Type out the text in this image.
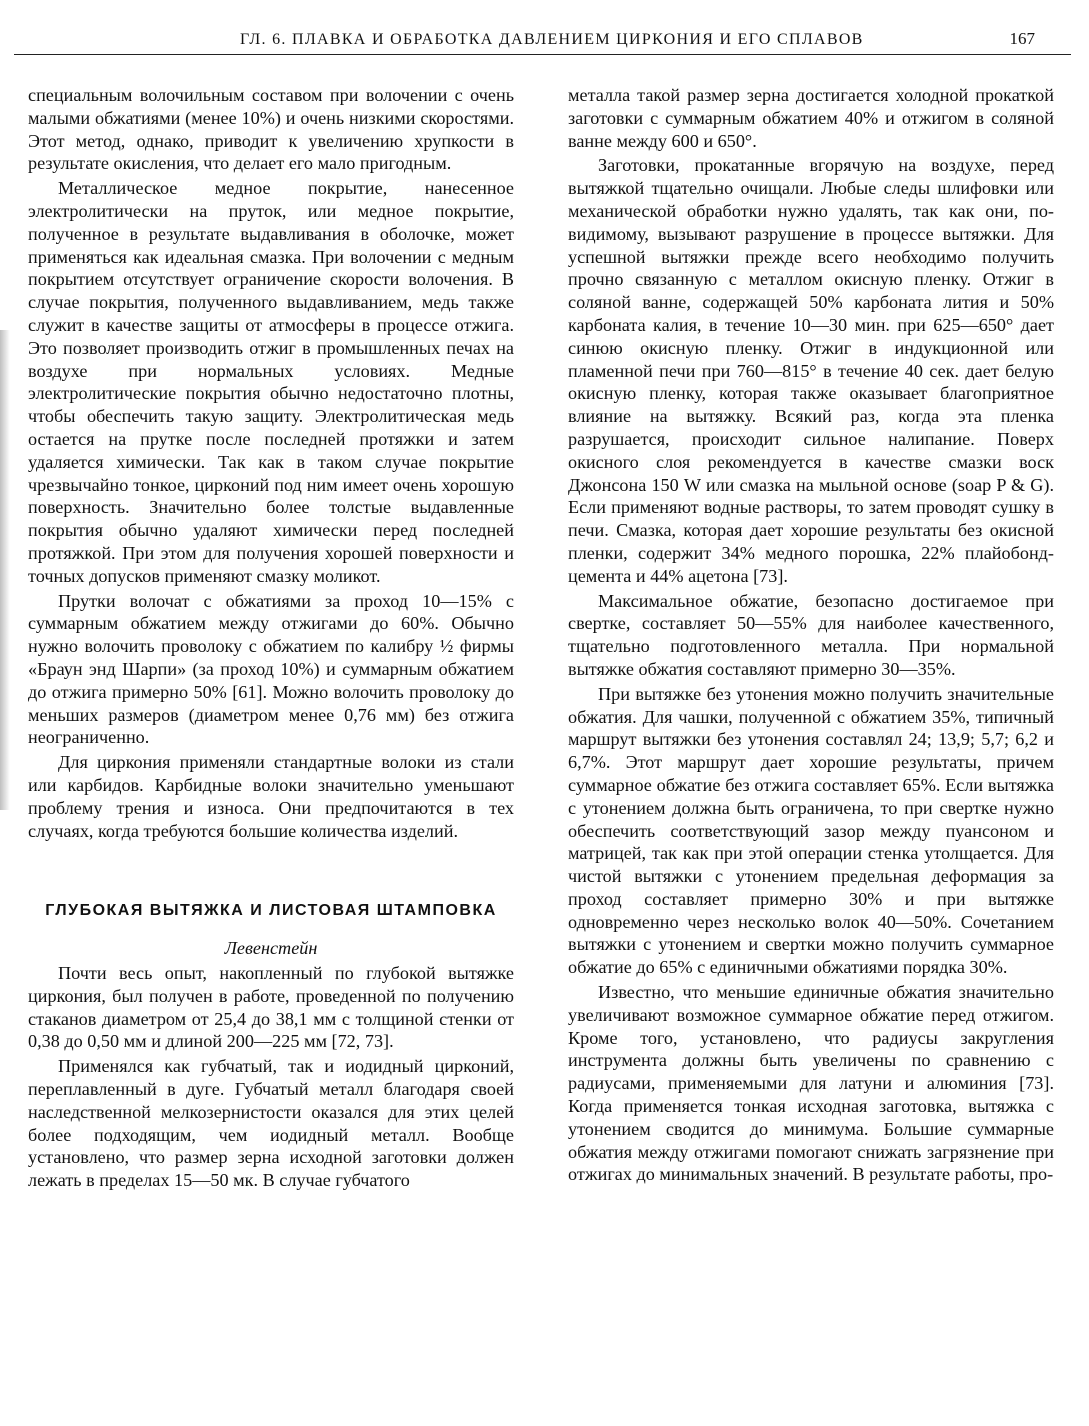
ГЛ. 6. ПЛАВКА И ОБРАБОТКА ДАВЛЕНИЕМ ЦИРКОНИЯ И ЕГО СПЛАВОВ	167

специальным волочильным составом при волочении с очень малыми обжатиями (менее 10%) и очень низкими скоростями. Этот метод, однако, приводит к увеличению хрупкости в результате окисления, что делает его мало пригодным.

Металлическое медное покрытие, нанесенное электролитически на пруток, или медное покрытие, полученное в результате выдавливания в оболочке, может применяться как идеальная смазка. При волочении с медным покрытием отсутствует ограничение скорости волочения. В случае покрытия, полученного выдавливанием, медь также служит в качестве защиты от атмосферы в процессе отжига. Это позволяет производить отжиг в промышленных печах на воздухе при нормальных условиях. Медные электролитические покрытия обычно недостаточно плотны, чтобы обеспечить такую защиту. Электролитическая медь остается на прутке после последней протяжки и затем удаляется химически. Так как в таком случае покрытие чрезвычайно тонкое, цирконий под ним имеет очень хорошую поверхность. Значительно более толстые выдавленные покрытия обычно удаляют химически перед последней протяжкой. При этом для получения хорошей поверхности и точных допусков применяют смазку моликот.

Прутки волочат с обжатиями за проход 10—15% с суммарным обжатием между отжигами до 60%. Обычно нужно волочить проволоку с обжатием по калибру ½ фирмы «Браун энд Шарпи» (за проход 10%) и суммарным обжатием до отжига примерно 50% [61]. Можно волочить проволоку до меньших размеров (диаметром менее 0,76 мм) без отжига неограниченно.

Для циркония применяли стандартные волоки из стали или карбидов. Карбидные волоки значительно уменьшают проблему трения и износа. Они предпочитаются в тех случаях, когда требуются большие количества изделий.

ГЛУБОКАЯ ВЫТЯЖКА И ЛИСТОВАЯ ШТАМПОВКА

Левенстейн

Почти весь опыт, накопленный по глубокой вытяжке циркония, был получен в работе, проведенной по получению стаканов диаметром от 25,4 до 38,1 мм с толщиной стенки от 0,38 до 0,50 мм и длиной 200—225 мм [72, 73].

Применялся как губчатый, так и иодидный цирконий, переплавленный в дуге. Губчатый металл благодаря своей наследственной мелкозернистости оказался для этих целей более подходящим, чем иодидный металл. Вообще установлено, что размер зерна исходной заготовки должен лежать в пределах 15—50 мк. В случае губчатого

металла такой размер зерна достигается холодной прокаткой заготовки с суммарным обжатием 40% и отжигом в соляной ванне между 600 и 650°.

Заготовки, прокатанные вгорячую на воздухе, перед вытяжкой тщательно очищали. Любые следы шлифовки или механической обработки нужно удалять, так как они, по-видимому, вызывают разрушение в процессе вытяжки. Для успешной вытяжки прежде всего необходимо получить прочно связанную с металлом окисную пленку. Отжиг в соляной ванне, содержащей 50% карбоната лития и 50% карбоната калия, в течение 10—30 мин. при 625—650° дает синюю окисную пленку. Отжиг в индукционной или пламенной печи при 760—815° в течение 40 сек. дает белую окисную пленку, которая также оказывает благоприятное влияние на вытяжку. Всякий раз, когда эта пленка разрушается, происходит сильное налипание. Поверх окисного слоя рекомендуется в качестве смазки воск Джонсона 150 W или смазка на мыльной основе (soap P & G). Если применяют водные растворы, то затем проводят сушку в печи. Смазка, которая дает хорошие результаты без окисной пленки, содержит 34% медного порошка, 22% плайобонд-цемента и 44% ацетона [73].

Максимальное обжатие, безопасно достигаемое при свертке, составляет 50—55% для наиболее качественного, тщательно подготовленного металла. При нормальной вытяжке обжатия составляют примерно 30—35%.

При вытяжке без утонения можно получить значительные обжатия. Для чашки, полученной с обжатием 35%, типичный маршрут вытяжки без утонения составлял 24; 13,9; 5,7; 6,2 и 6,7%. Этот маршрут дает хорошие результаты, причем суммарное обжатие без отжига составляет 65%. Если вытяжка с утонением должна быть ограничена, то при свертке нужно обеспечить соответствующий зазор между пуансоном и матрицей, так как при этой операции стенка утолщается. Для чистой вытяжки с утонением предельная деформация за проход составляет примерно 30% и при вытяжке одновременно через несколько волок 40—50%. Сочетанием вытяжки с утонением и свертки можно получить суммарное обжатие до 65% с единичными обжатиями порядка 30%.

Известно, что меньшие единичные обжатия значительно увеличивают возможное суммарное обжатие перед отжигом. Кроме того, установлено, что радиусы закругления инструмента должны быть увеличены по сравнению с радиусами, применяемыми для латуни и алюминия [73]. Когда применяется тонкая исходная заготовка, вытяжка с утонением сводится до минимума. Большие суммарные обжатия между отжигами помогают снижать загрязнение при отжигах до минимальных значений. В результате работы, про-
